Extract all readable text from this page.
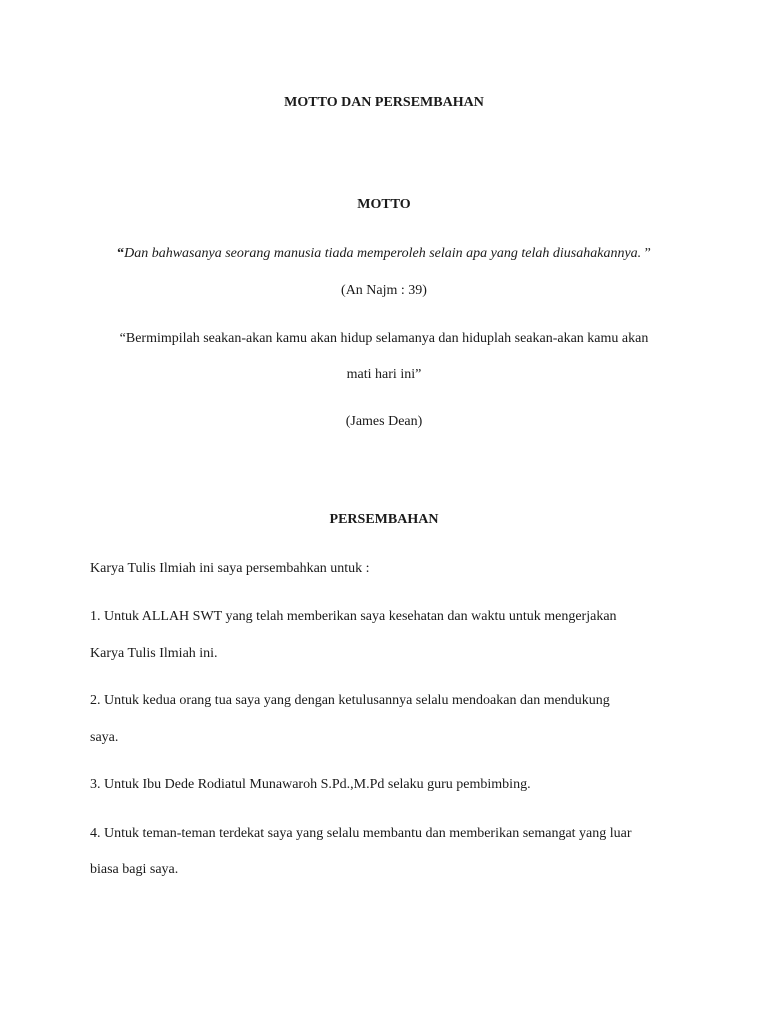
MOTTO DAN PERSEMBAHAN

MOTTO

“Dan bahwasanya seorang manusia tiada memperoleh selain apa yang telah diusahakannya. ”

(An Najm : 39)

“Bermimpilah seakan-akan kamu akan hidup selamanya dan hiduplah seakan-akan kamu akan

mati hari ini”

(James Dean)

PERSEMBAHAN

Karya Tulis Ilmiah ini saya persembahkan untuk :

1. Untuk ALLAH SWT yang telah memberikan saya kesehatan dan waktu untuk mengerjakan

Karya Tulis Ilmiah ini.

2. Untuk kedua orang tua saya yang dengan ketulusannya selalu mendoakan dan mendukung

saya.

3. Untuk Ibu Dede Rodiatul Munawaroh S.Pd.,M.Pd selaku guru pembimbing.

4. Untuk teman-teman terdekat saya yang selalu membantu dan memberikan semangat yang luar

biasa bagi saya.
